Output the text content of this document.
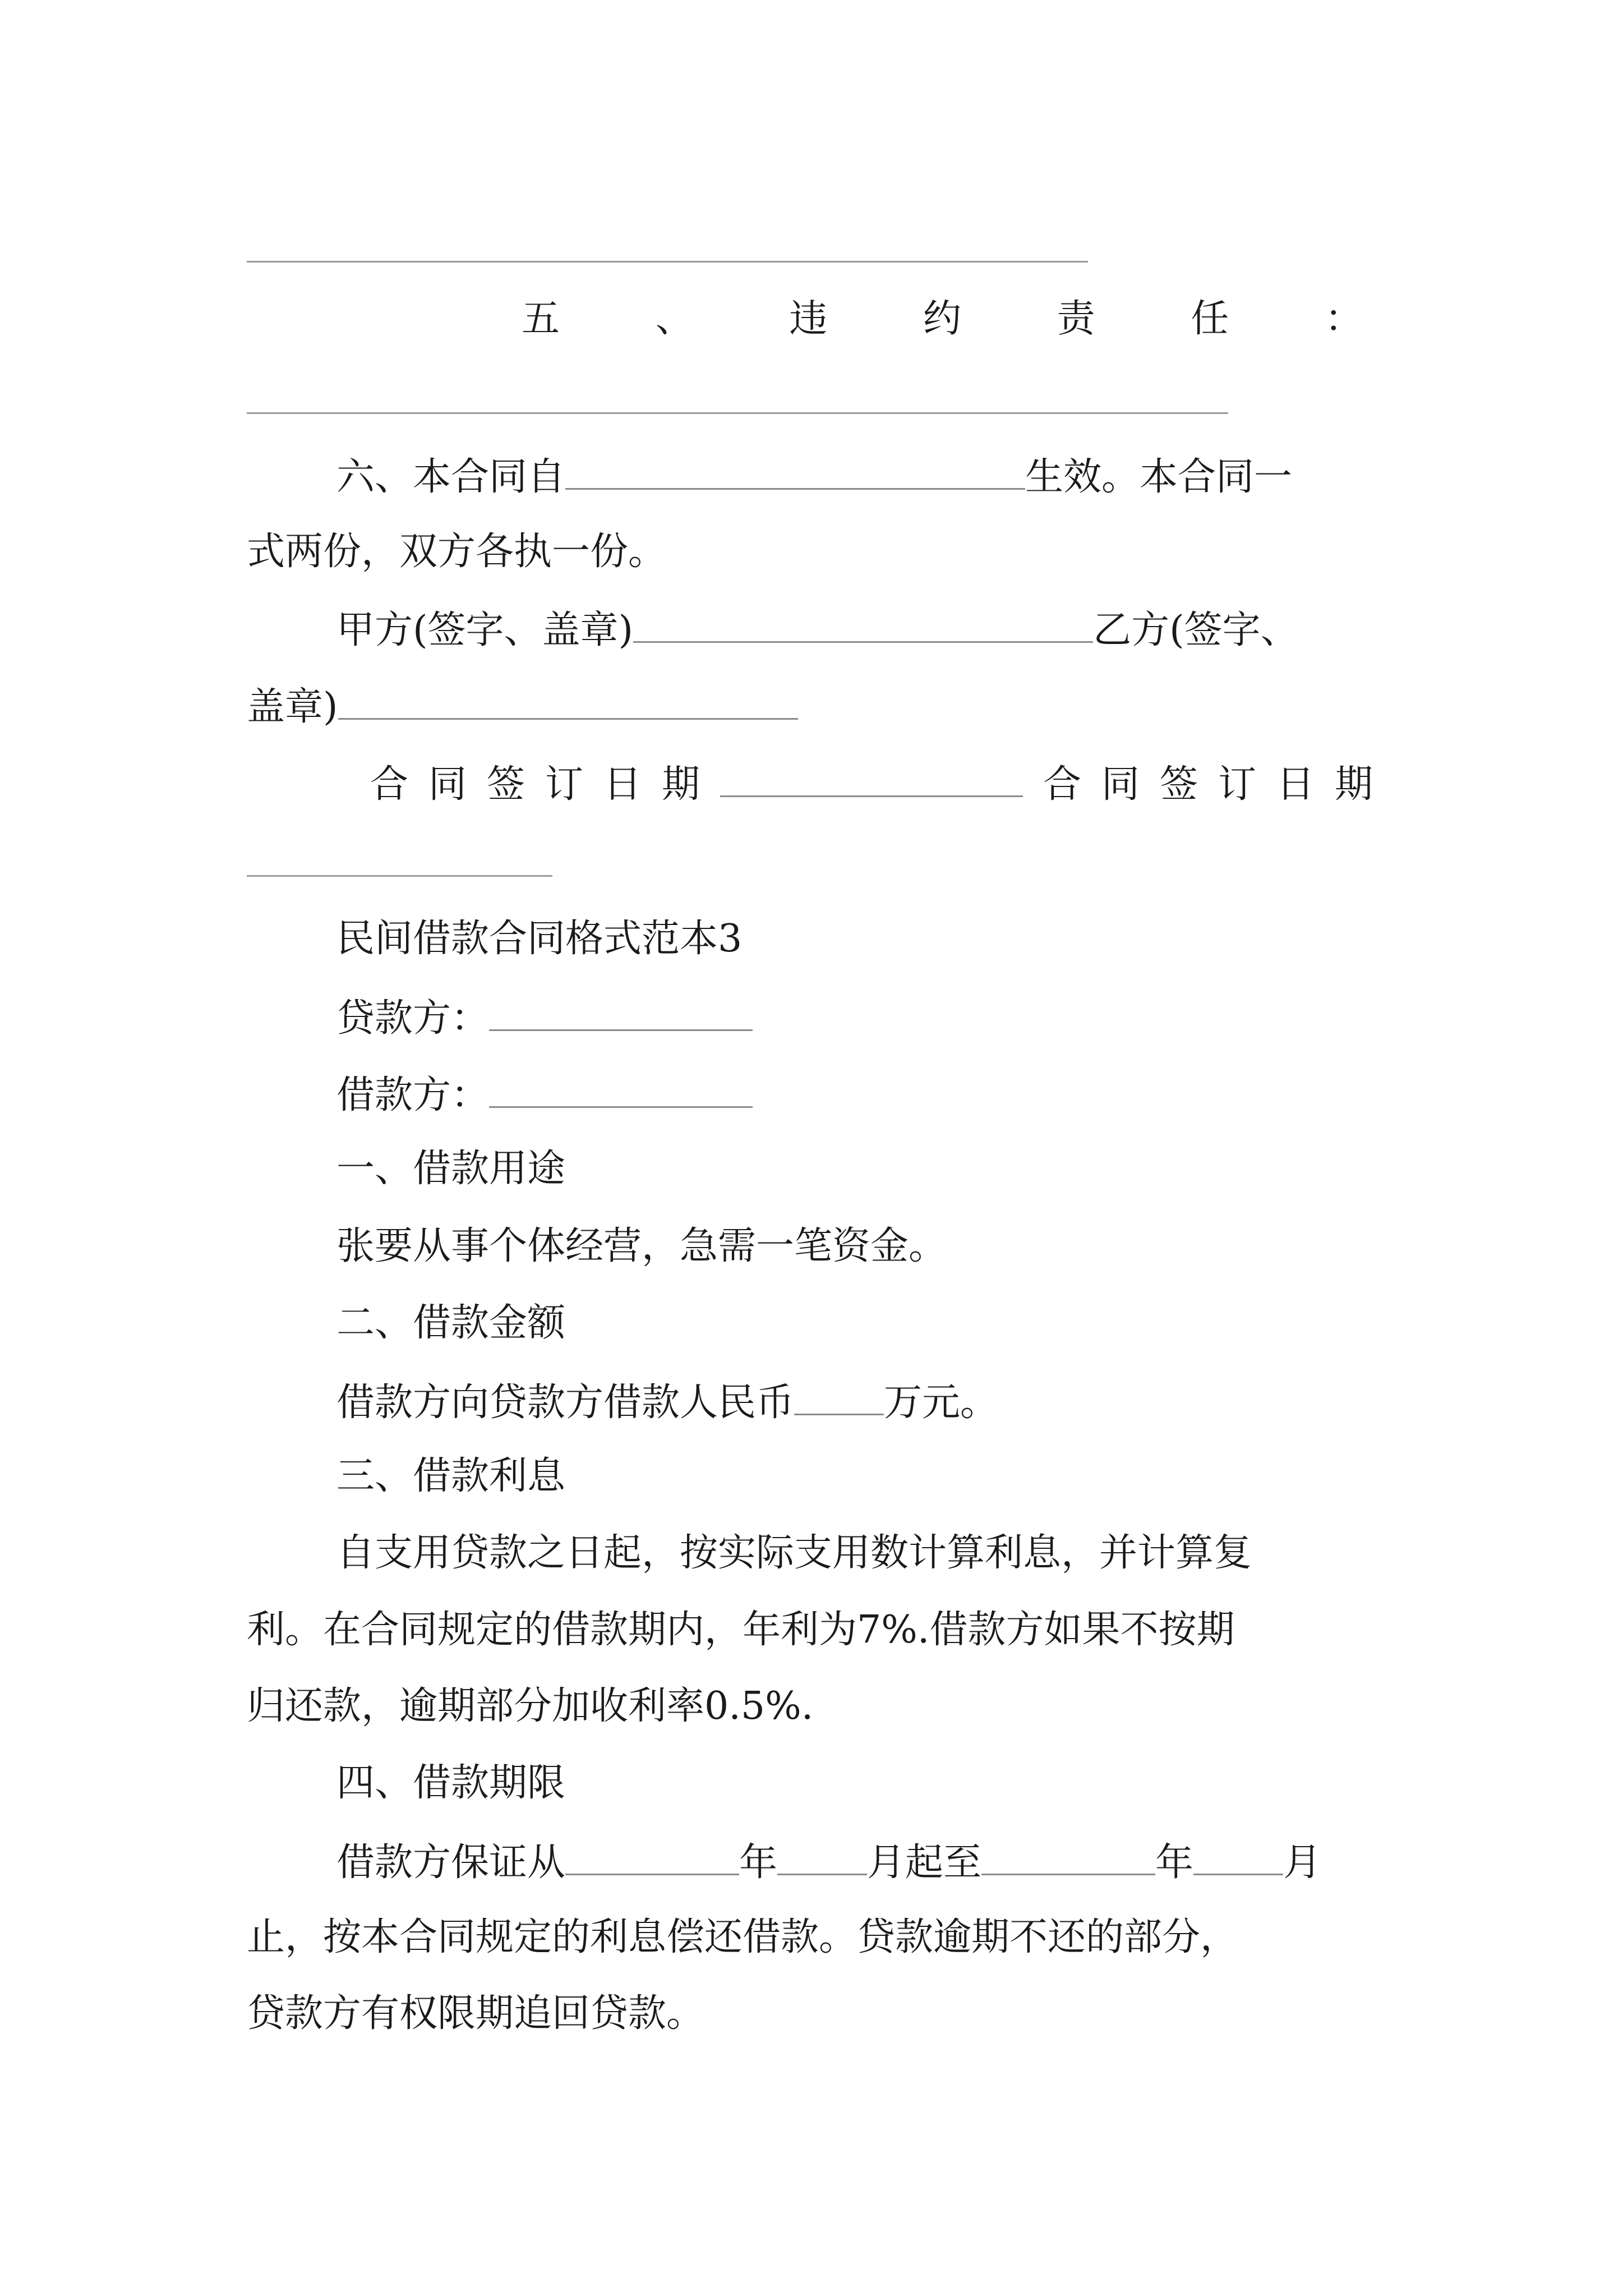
五	、	违	约	责	任	：
六、本合同自	生效。本合同一
式两份，双方各执一份。
甲方(签字、盖章)	乙方(签字、
盖章)
合同签订日期	合同签订日期
民间借款合同格式范本3
贷款方：
借款方：
一、借款用途
张要从事个体经营，急需一笔资金。
二、借款金额
借款方向贷款方借款人民币 万元。
三、借款利息
自支用贷款之日起，按实际支用数计算利息，并计算复
利。在合同规定的借款期内，年利为7%.借款方如果不按期
归还款，逾期部分加收利率0.5%.
四、借款期限
借款方保证从	年 月起至	年 月
止，按本合同规定的利息偿还借款。贷款逾期不还的部分，
贷款方有权限期追回贷款。
